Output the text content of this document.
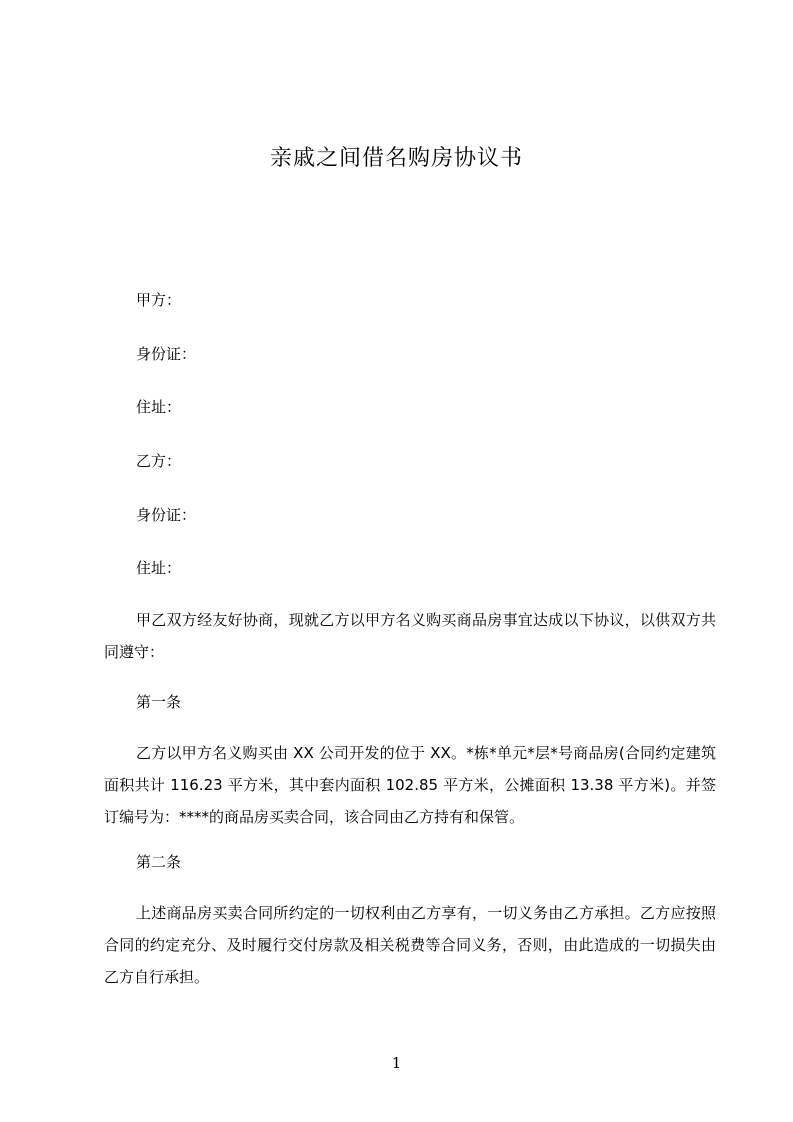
亲戚之间借名购房协议书
甲方：
身份证：
住址：
乙方：
身份证：
住址：
甲乙双方经友好协商，现就乙方以甲方名义购买商品房事宜达成以下协议，以供双方共同遵守：
第一条
乙方以甲方名义购买由 XX 公司开发的位于 XX。*栋*单元*层*号商品房(合同约定建筑面积共计 116.23 平方米，其中套内面积 102.85 平方米，公摊面积 13.38 平方米)。并签订编号为：****的商品房买卖合同，该合同由乙方持有和保管。
第二条
上述商品房买卖合同所约定的一切权利由乙方享有，一切义务由乙方承担。乙方应按照合同的约定充分、及时履行交付房款及相关税费等合同义务，否则，由此造成的一切损失由乙方自行承担。
1
